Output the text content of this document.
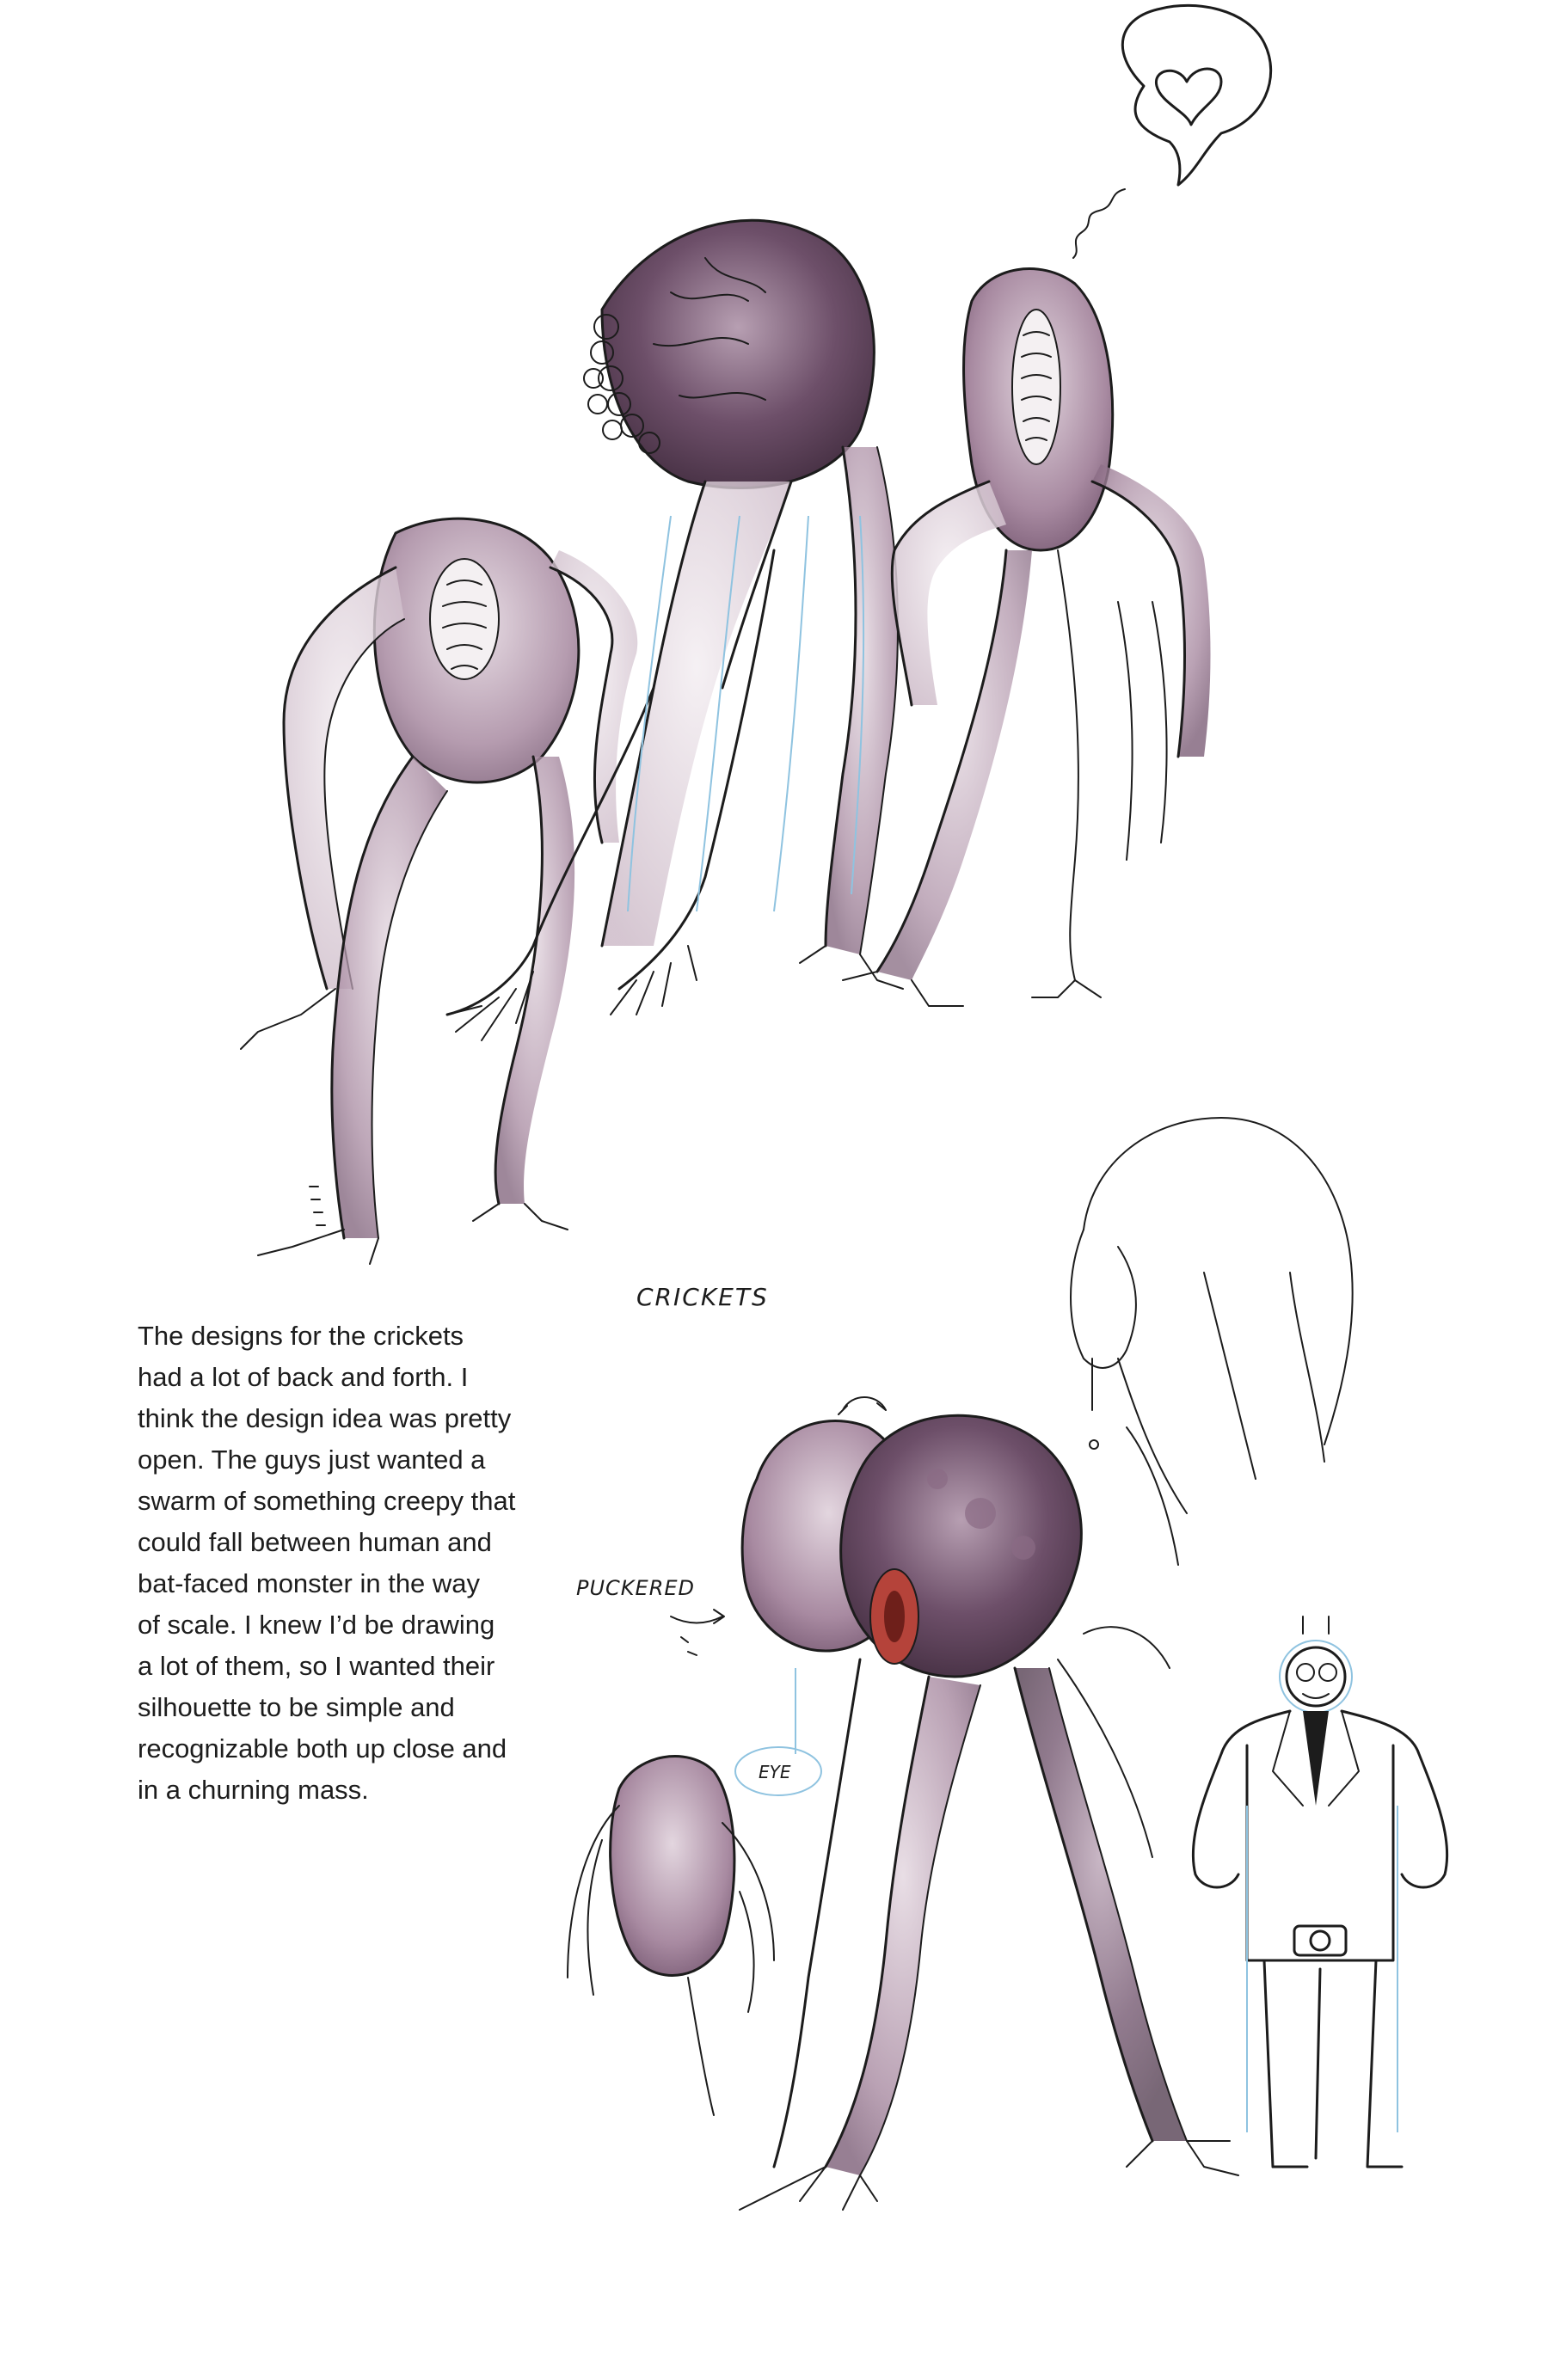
CRICKETS
EYE
PUCKERED

The designs for the crickets
had a lot of back and forth. I
think the design idea was pretty
open. The guys just wanted a
swarm of something creepy that
could fall between human and
bat-faced monster in the way
of scale. I knew I’d be drawing
a lot of them, so I wanted their
silhouette to be simple and
recognizable both up close and
in a churning mass.
